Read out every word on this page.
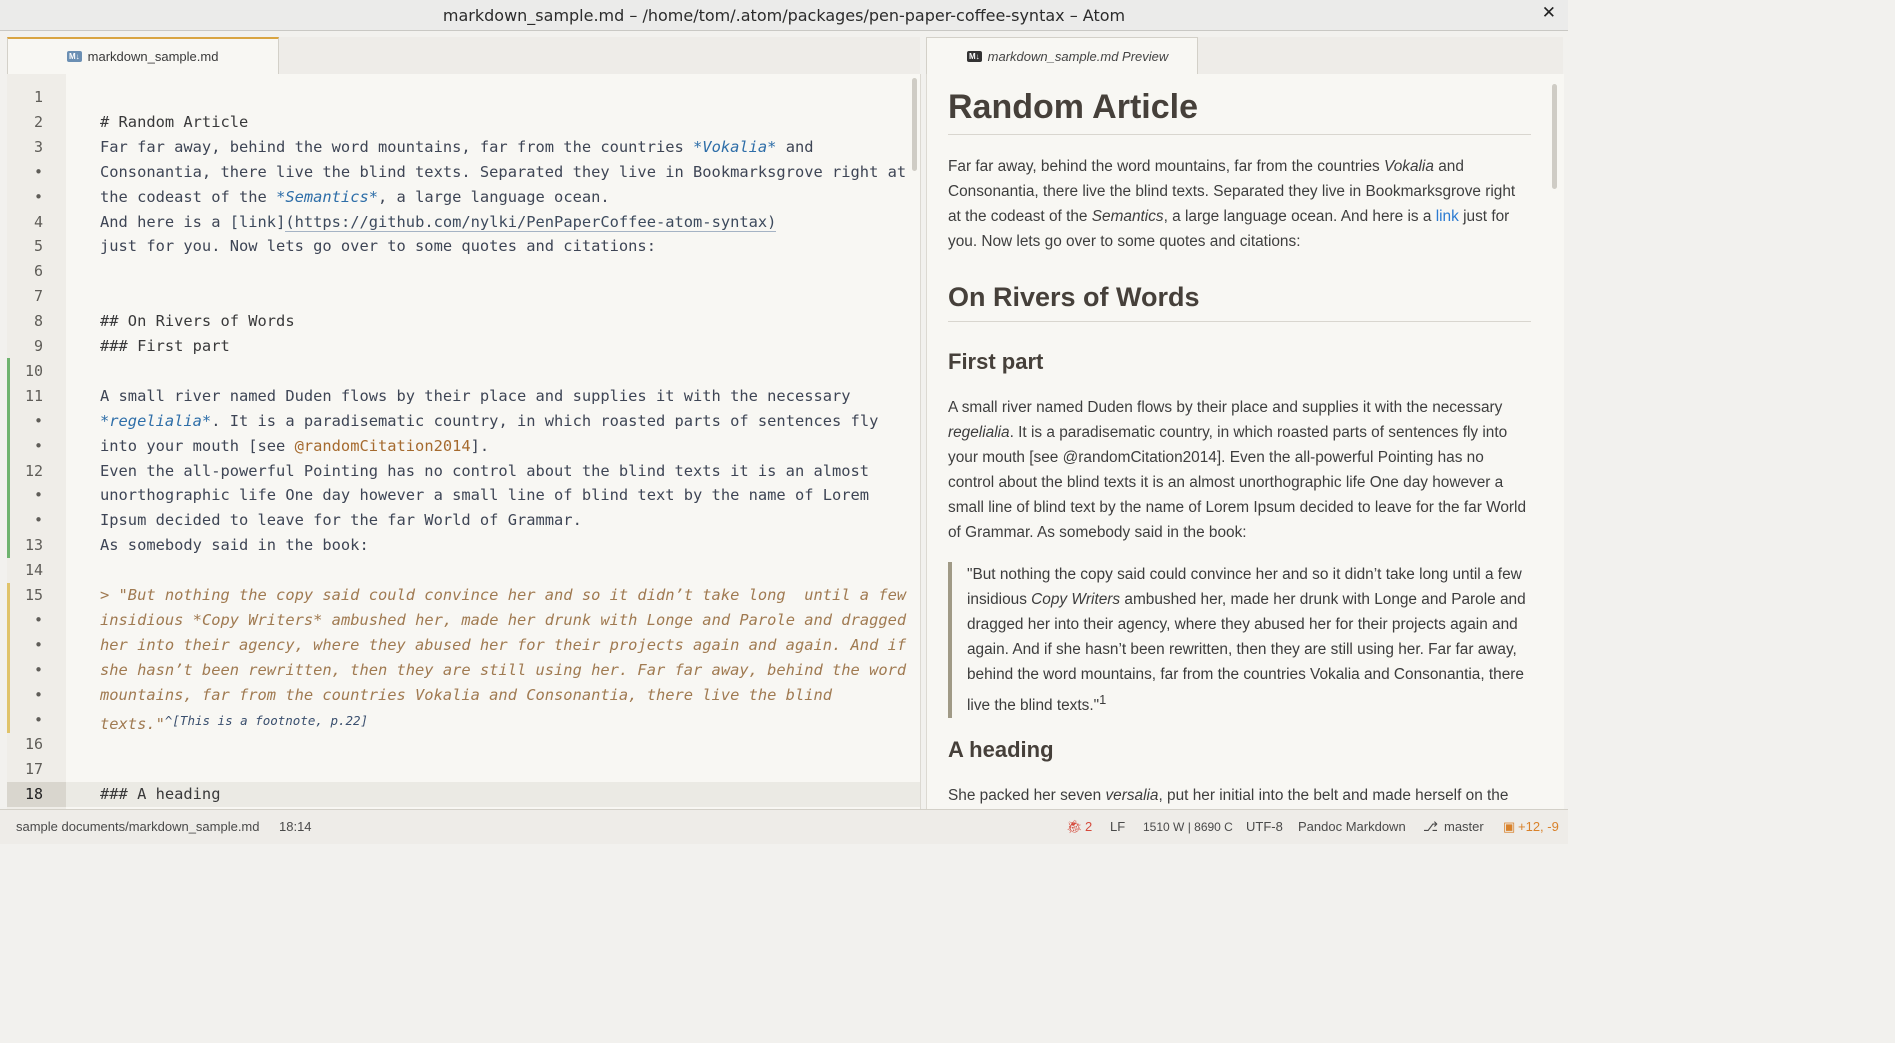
markdown_sample.md – /home/tom/.atom/packages/pen-paper-coffee-syntax – Atom	✕
M↓ markdown_sample.md	M↓ markdown_sample.md Preview
1
2	# Random Article
3	Far far away, behind the word mountains, far from the countries *Vokalia* and
•	Consonantia, there live the blind texts. Separated they live in Bookmarksgrove right at
•	the codeast of the *Semantics*, a large language ocean.
4	And here is a [link](https://github.com/nylki/PenPaperCoffee-atom-syntax)
5	just for you. Now lets go over to some quotes and citations:
6
7
8	## On Rivers of Words
9	### First part
10
11	A small river named Duden flows by their place and supplies it with the necessary
•	*regelialia*. It is a paradisematic country, in which roasted parts of sentences fly
•	into your mouth [see @randomCitation2014].
12	Even the all-powerful Pointing has no control about the blind texts it is an almost
•	unorthographic life One day however a small line of blind text by the name of Lorem
•	Ipsum decided to leave for the far World of Grammar.
13	As somebody said in the book:
14
15	> "But nothing the copy said could convince her and so it didn’t take long  until a few
•	insidious *Copy Writers* ambushed her, made her drunk with Longe and Parole and dragged
•	her into their agency, where they abused her for their projects again and again. And if
•	she hasn’t been rewritten, then they are still using her. Far far away, behind the word
•	mountains, far from the countries Vokalia and Consonantia, there live the blind
•	texts."$^{\^{}[This is a footnote, p.22]}$
16
17
18	### A heading
Random Article

Far far away, behind the word mountains, far from the countries Vokalia and Consonantia, there live the blind texts. Separated they live in Bookmarksgrove right at the codeast of the Semantics, a large language ocean. And here is a link just for you. Now lets go over to some quotes and citations:

On Rivers of Words
First part

A small river named Duden flows by their place and supplies it with the necessary regelialia. It is a paradisematic country, in which roasted parts of sentences fly into your mouth [see @randomCitation2014]. Even the all-powerful Pointing has no control about the blind texts it is an almost unorthographic life One day however a small line of blind text by the name of Lorem Ipsum decided to leave for the far World of Grammar. As somebody said in the book:

"But nothing the copy said could convince her and so it didn’t take long until a few insidious Copy Writers ambushed her, made her drunk with Longe and Parole and dragged her into their agency, where they abused her for their projects again and again. And if she hasn’t been rewritten, then they are still using her. Far far away, behind the word mountains, far from the countries Vokalia and Consonantia, there live the blind texts."$^1$
A heading

She packed her seven versalia, put her initial into the belt and made herself on the

sample documents/markdown_sample.md 18:14	🐞︎ 2 LF 1510 W | 8690 C UTF-8 Pandoc Markdown ⎇ master ▣ +12, -9
